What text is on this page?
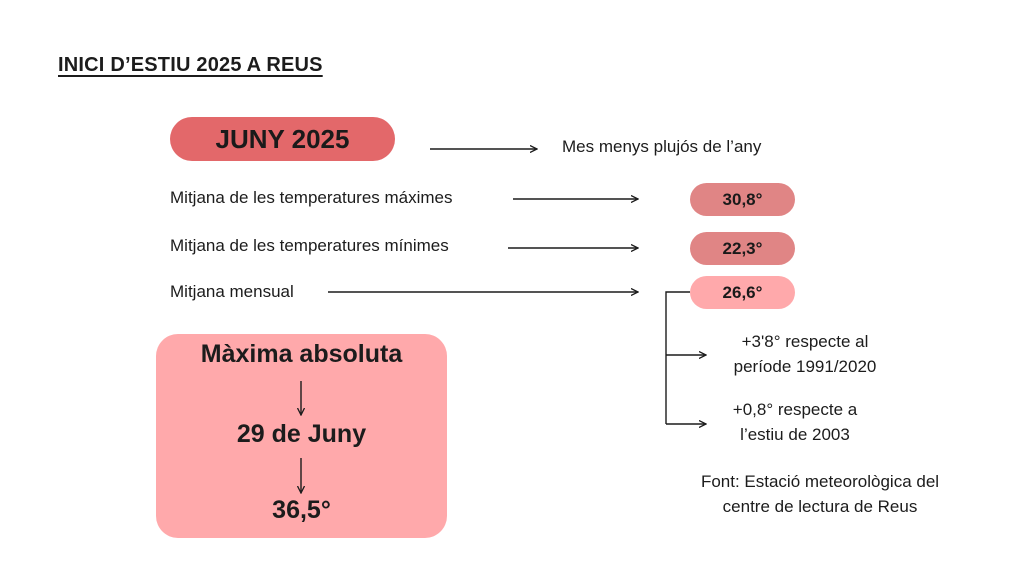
INICI D’ESTIU 2025 A REUS
JUNY 2025	Mes menys plujós de l’any
Mitjana de les temperatures máximes
Mitjana de les temperatures mínimes
Mitjana mensual
30,8°
22,3°
26,6°
+3'8° respecte al
període 1991/2020
+0,8° respecte a
l’estiu de 2003
Font: Estació meteorològica del
centre de lectura de Reus
Màxima absoluta
29 de Juny
36,5°
